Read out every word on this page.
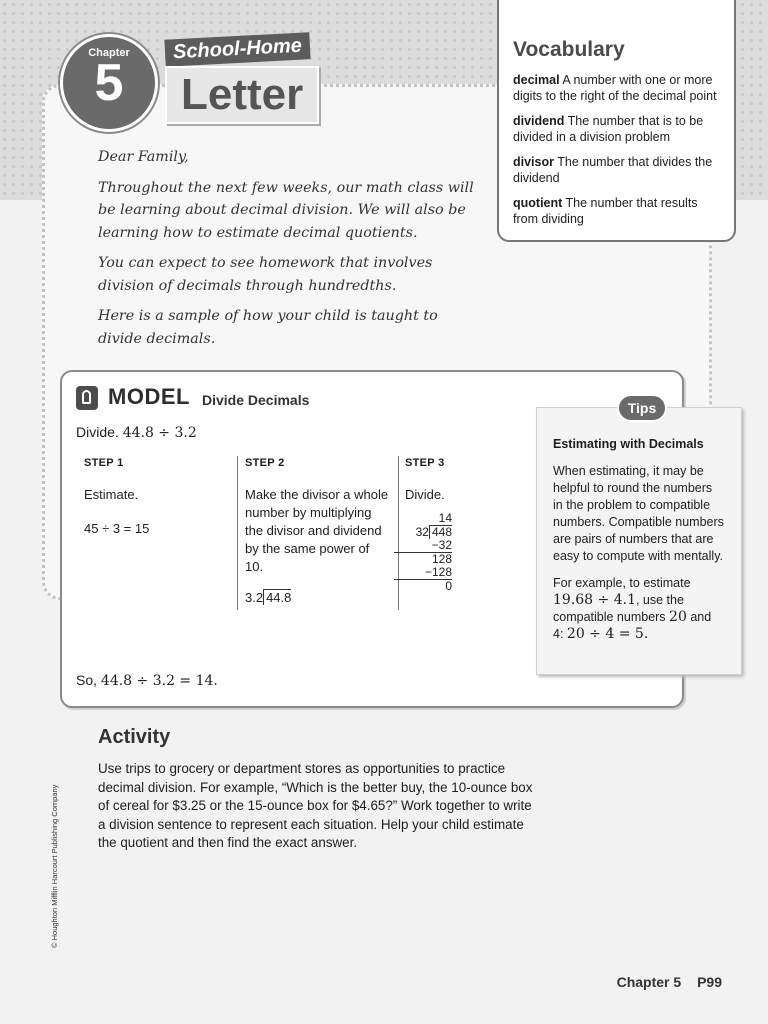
Chapter
5
School-Home
Letter
Vocabulary
decimal A number with one or more digits to the right of the decimal point
dividend The number that is to be divided in a division problem
divisor The number that divides the dividend
quotient The number that results from dividing

Dear Family,

Throughout the next few weeks, our math class will be learning about decimal division. We will also be learning how to estimate decimal quotients.

You can expect to see homework that involves division of decimals through hundredths.

Here is a sample of how your child is taught to divide decimals.

MODEL Divide Decimals
Divide. 44.8 ÷ 3.2
STEP 1
Estimate.
45 ÷ 3 = 15
STEP 2
Make the divisor a whole number by multiplying the divisor and dividend by the same power of 10.
3.2 44.8
STEP 3
Divide.
14
32 448
−32
128
−128
0
So, 44.8 ÷ 3.2 = 14.
Estimating with Decimals

When estimating, it may be helpful to round the numbers in the problem to compatible numbers. Compatible numbers are pairs of numbers that are easy to compute with mentally.

For example, to estimate 19.68 ÷ 4.1, use the compatible numbers 20 and 4: 20 ÷ 4 = 5.

Tips
Activity
Use trips to grocery or department stores as opportunities to practice decimal division. For example, “Which is the better buy, the 10-ounce box of cereal for $3.25 or the 15-ounce box for $4.65?” Work together to write a division sentence to represent each situation. Help your child estimate the quotient and then find the exact answer.
© Houghton Mifflin Harcourt Publishing Company
Chapter 5 P99
